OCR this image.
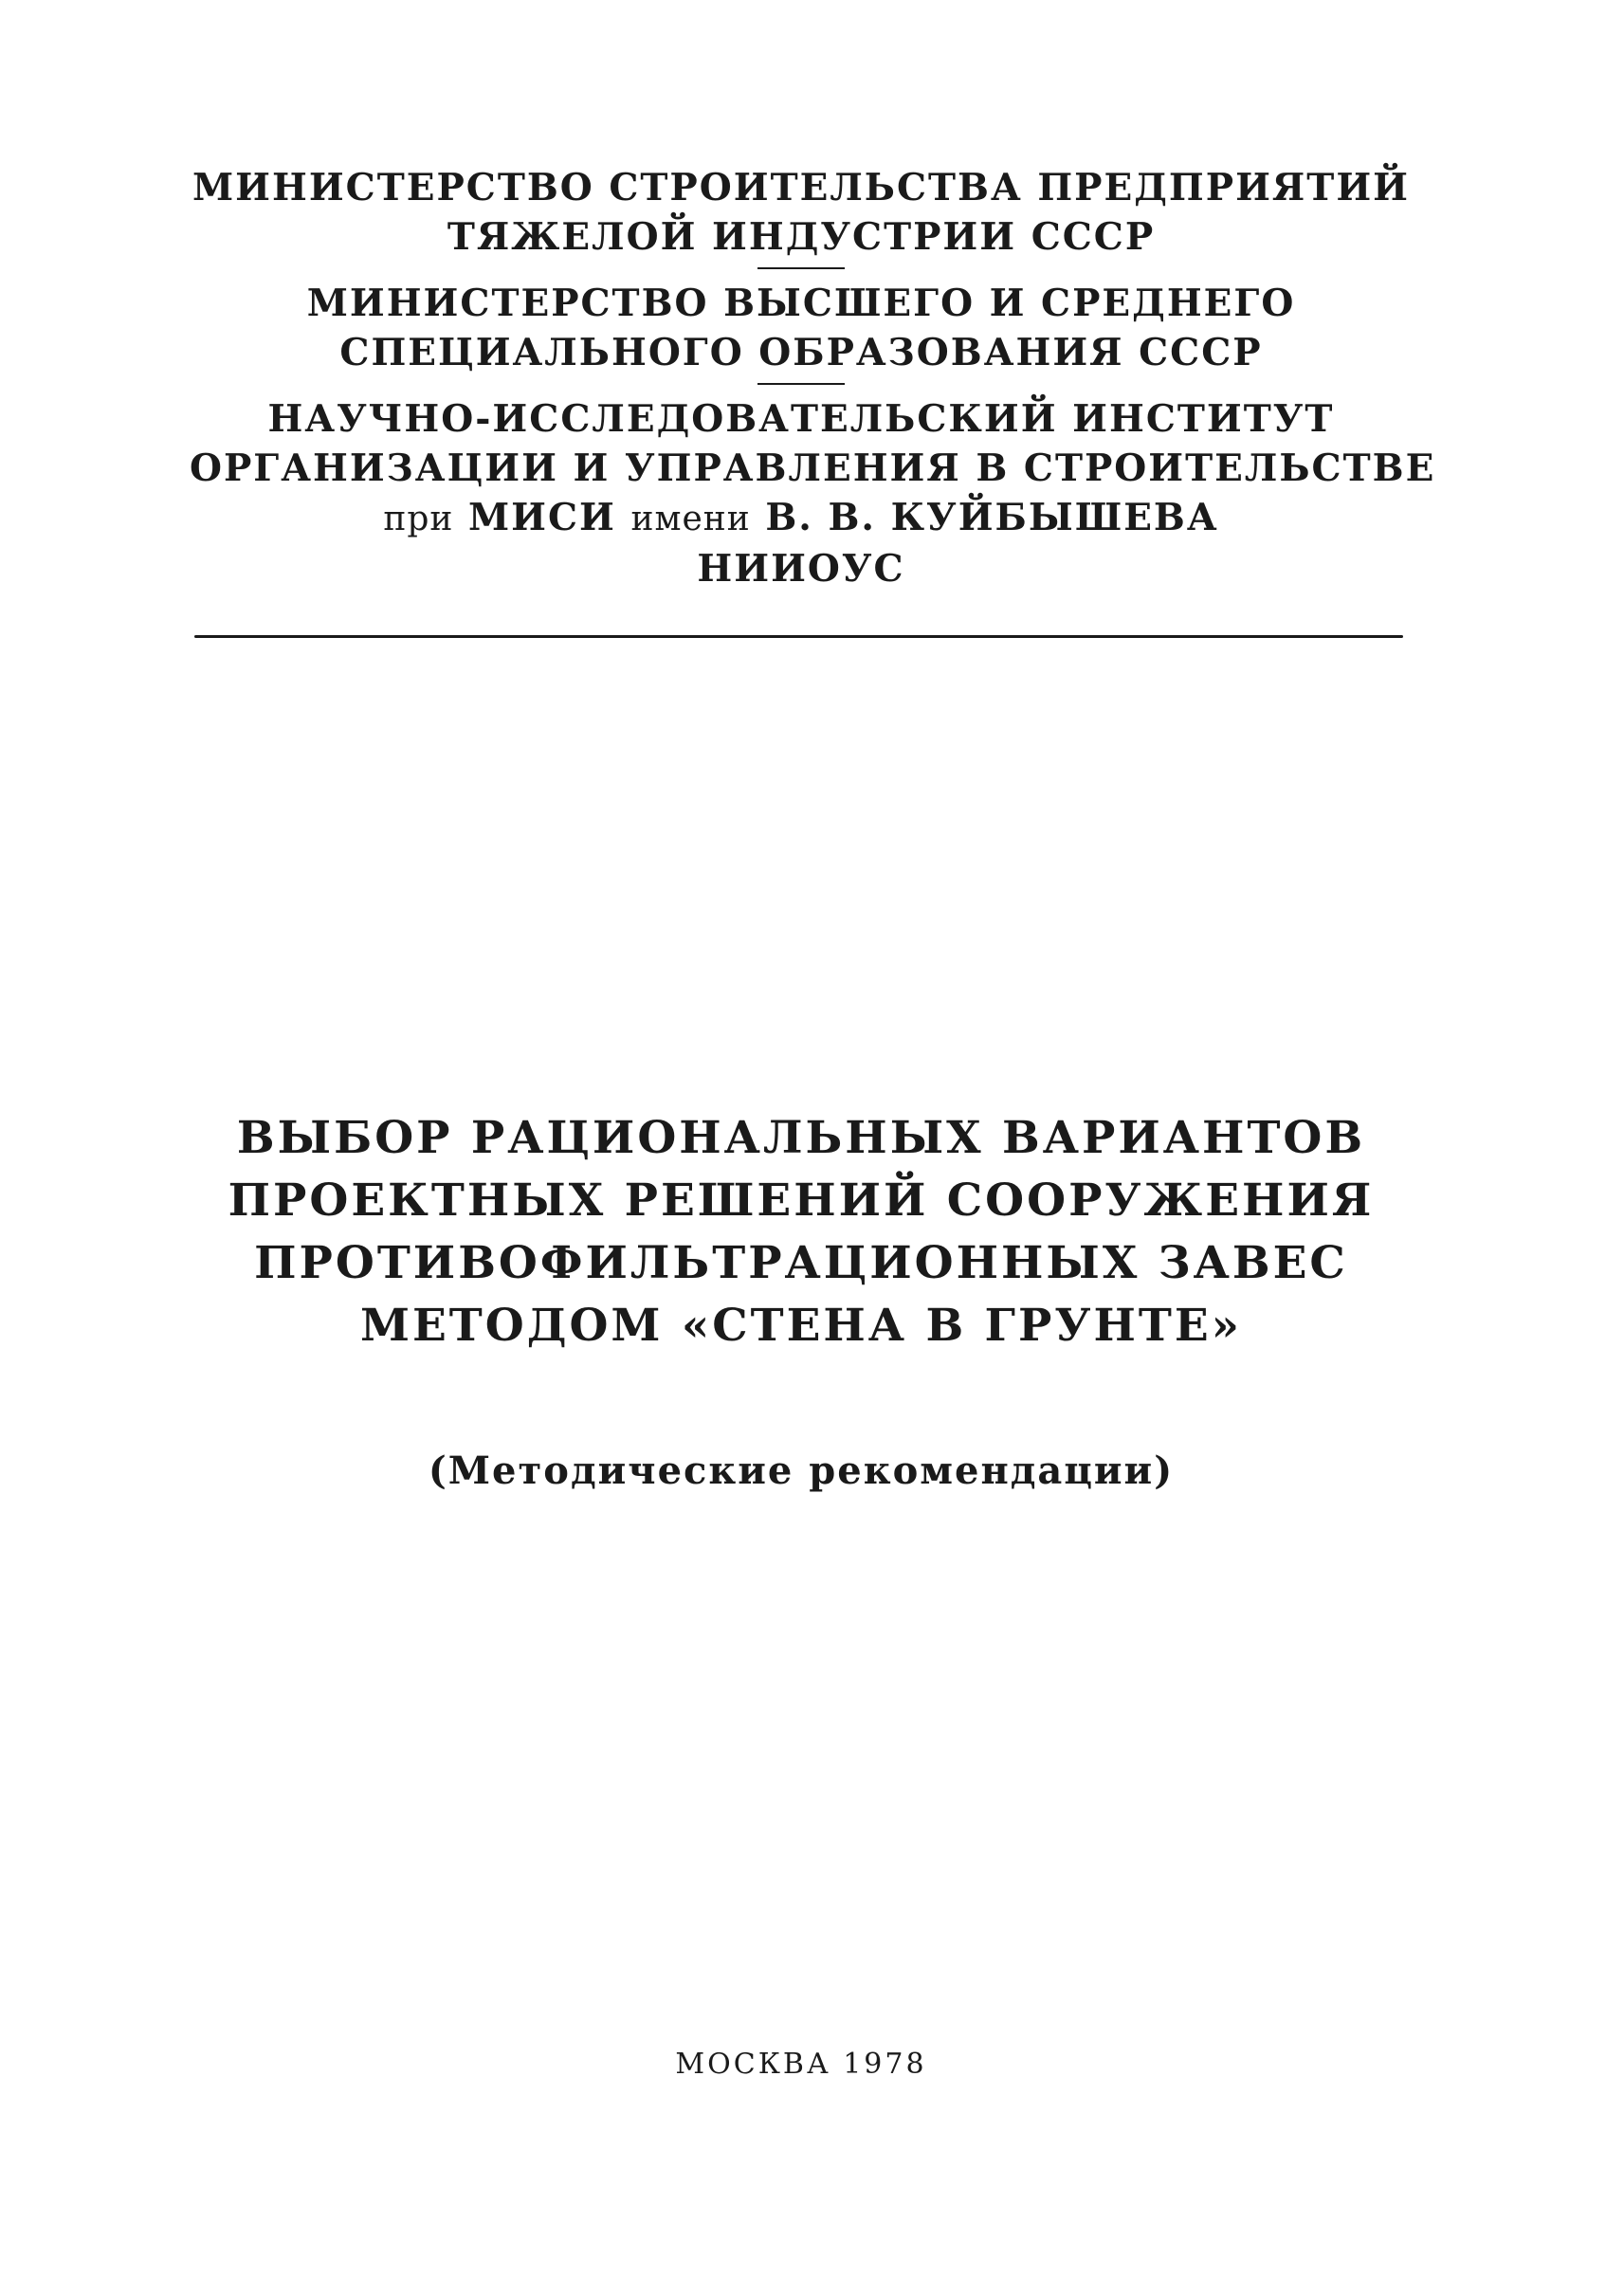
МИНИСТЕРСТВО СТРОИТЕЛЬСТВА ПРЕДПРИЯТИЙ
ТЯЖЕЛОЙ ИНДУСТРИИ СССР
МИНИСТЕРСТВО ВЫСШЕГО И СРЕДНЕГО
СПЕЦИАЛЬНОГО ОБРАЗОВАНИЯ СССР
НАУЧНО-ИССЛЕДОВАТЕЛЬСКИЙ ИНСТИТУТ
ОРГАНИЗАЦИИ И УПРАВЛЕНИЯ В СТРОИТЕЛЬСТВЕ
при МИСИ имени В. В. КУЙБЫШЕВА
НИИОУС
ВЫБОР РАЦИОНАЛЬНЫХ ВАРИАНТОВ
ПРОЕКТНЫХ РЕШЕНИЙ СООРУЖЕНИЯ
ПРОТИВОФИЛЬТРАЦИОННЫХ ЗАВЕС
МЕТОДОМ «СТЕНА В ГРУНТЕ»
(Методические рекомендации)
МОСКВА 1978
